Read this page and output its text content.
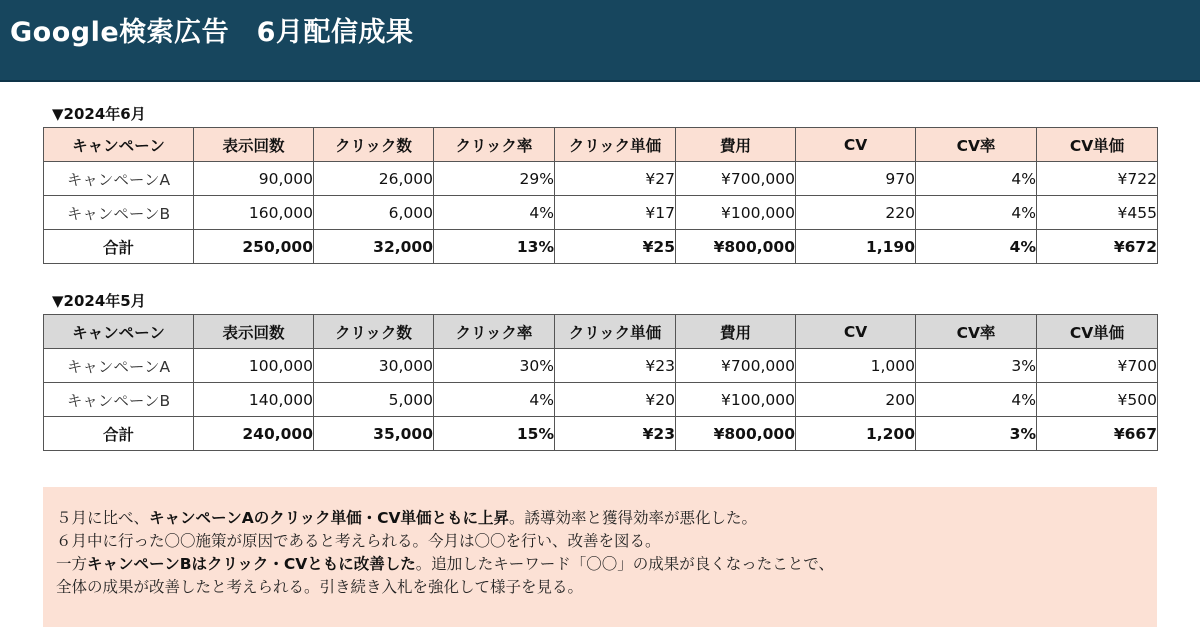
Google検索広告　6月配信成果
▼2024年6月
キャンペーン	表示回数	クリック数	クリック率	クリック単価	費用	CV	CV率	CV単価
キャンペーンA	90,000	26,000	29%	¥27	¥700,000	970	4%	¥722
キャンペーンB	160,000	6,000	4%	¥17	¥100,000	220	4%	¥455
合計	250,000	32,000	13%	¥25	¥800,000	1,190	4%	¥672
▼2024年5月
キャンペーン	表示回数	クリック数	クリック率	クリック単価	費用	CV	CV率	CV単価
キャンペーンA	100,000	30,000	30%	¥23	¥700,000	1,000	3%	¥700
キャンペーンB	140,000	5,000	4%	¥20	¥100,000	200	4%	¥500
合計	240,000	35,000	15%	¥23	¥800,000	1,200	3%	¥667
５月に比べ、キャンペーンAのクリック単価・CV単価ともに上昇。誘導効率と獲得効率が悪化した。
６月中に行った〇〇施策が原因であると考えられる。今月は〇〇を行い、改善を図る。
一方キャンペーンBはクリック・CVともに改善した。追加したキーワード「〇〇」の成果が良くなったことで、
全体の成果が改善したと考えられる。引き続き入札を強化して様子を見る。
